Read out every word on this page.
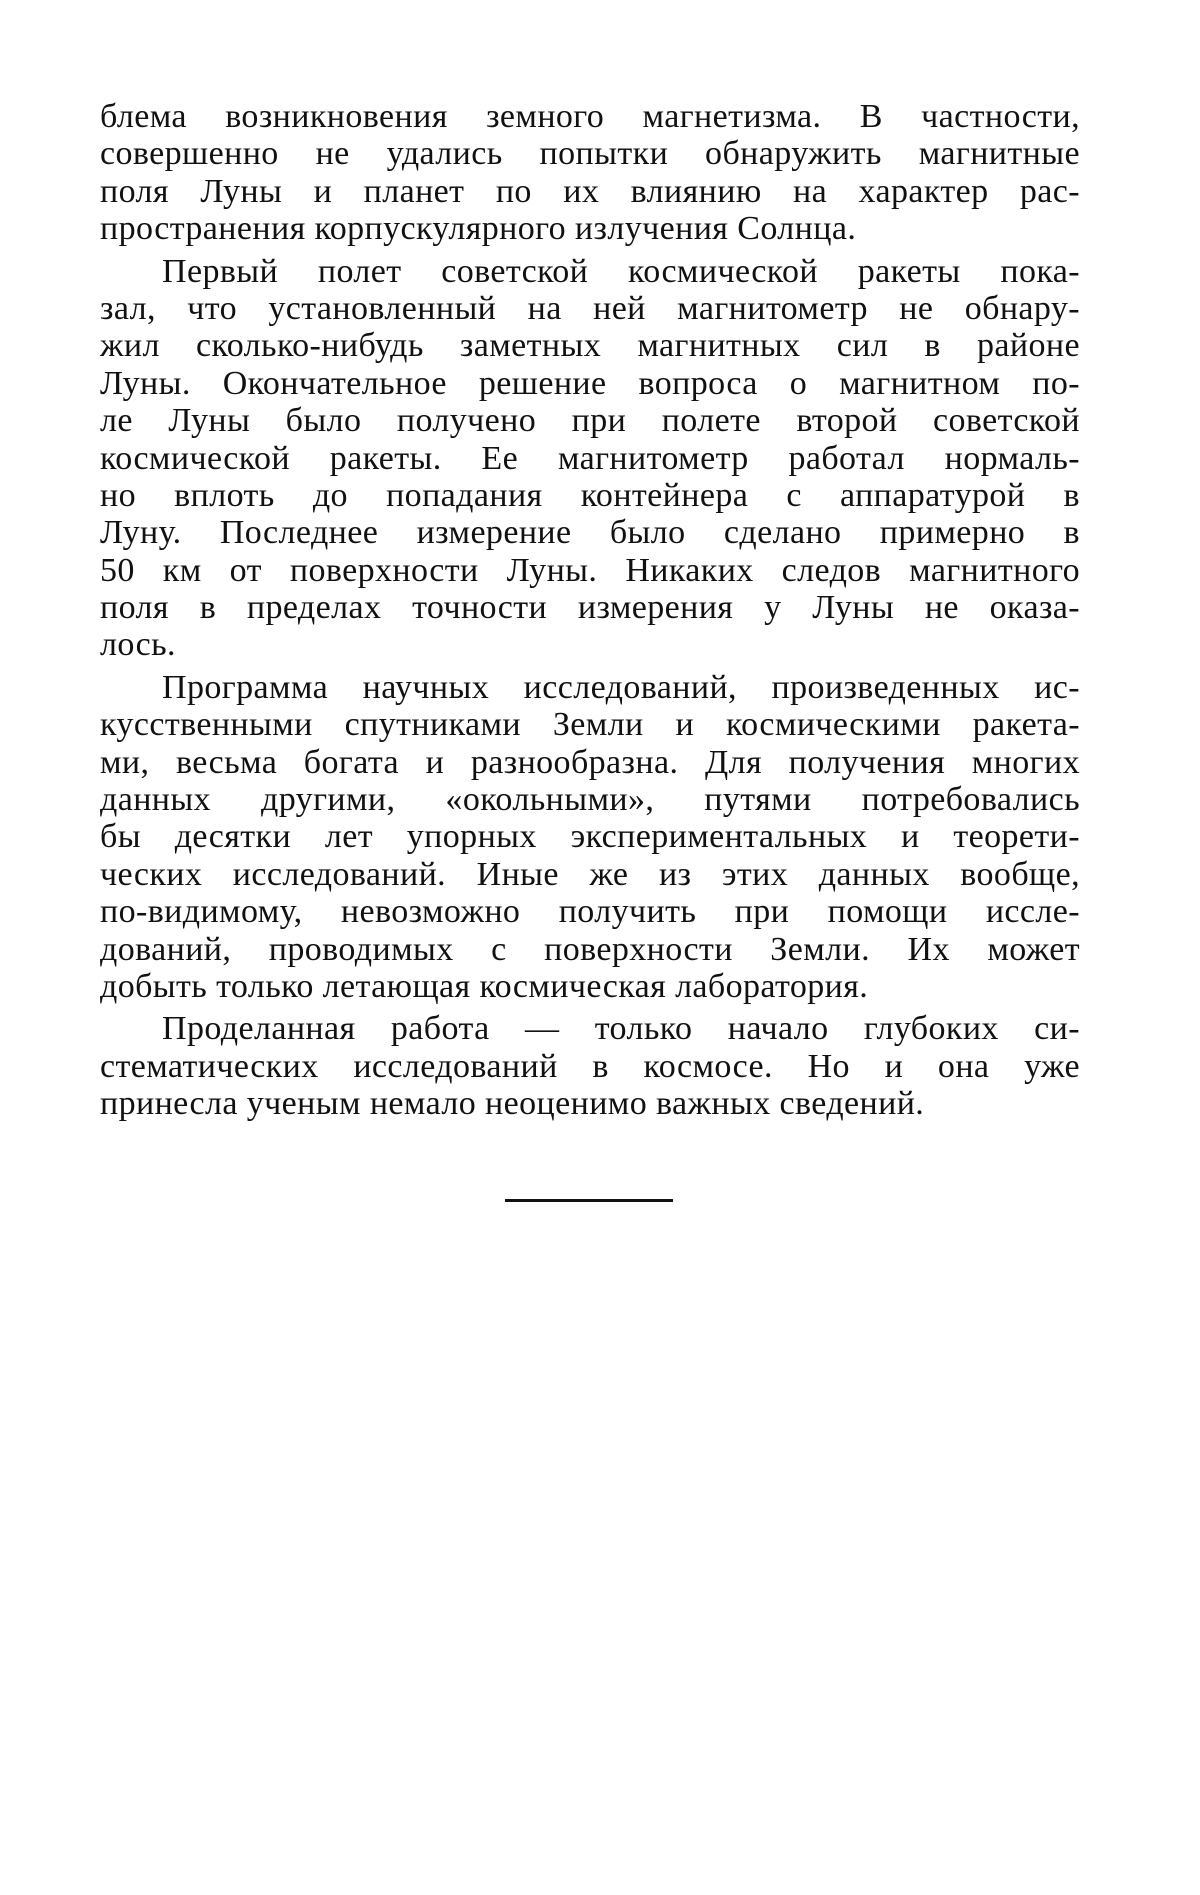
блема возникновения земного магнетизма. В частности,
совершенно не удались попытки обнаружить магнитные
поля Луны и планет по их влиянию на характер рас-
пространения корпускулярного излучения Солнца.
Первый полет советской космической ракеты пока-
зал, что установленный на ней магнитометр не обнару-
жил сколько-нибудь заметных магнитных сил в районе
Луны. Окончательное решение вопроса о магнитном по-
ле Луны было получено при полете второй советской
космической ракеты. Ее магнитометр работал нормаль-
но вплоть до попадания контейнера с аппаратурой в
Луну. Последнее измерение было сделано примерно в
50 км от поверхности Луны. Никаких следов магнитного
поля в пределах точности измерения у Луны не оказа-
лось.
Программа научных исследований, произведенных ис-
кусственными спутниками Земли и космическими ракета-
ми, весьма богата и разнообразна. Для получения многих
данных другими, «окольными», путями потребовались
бы десятки лет упорных экспериментальных и теорети-
ческих исследований. Иные же из этих данных вообще,
по-видимому, невозможно получить при помощи иссле-
дований, проводимых с поверхности Земли. Их может
добыть только летающая космическая лаборатория.
Проделанная работа — только начало глубоких си-
стематических исследований в космосе. Но и она уже
принесла ученым немало неоценимо важных сведений.
